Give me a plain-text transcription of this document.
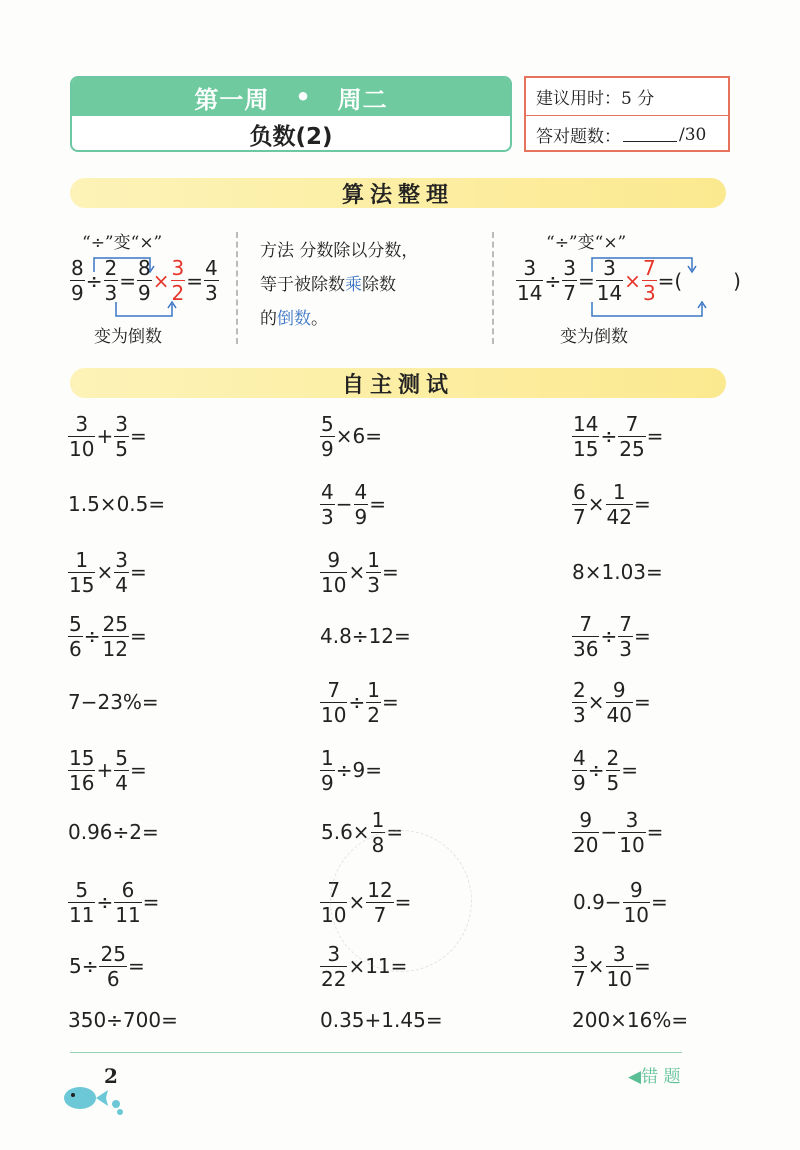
第一周 • 周二
负数(2)
建议用时：5 分
答对题数：	/30
算法整理
“÷”变“×”
8
9
÷
2
3
=
8
9
×
3
2
=
4
3
变为倒数
方法 分数除以分数，
等于被除数乘除数
的倒数。
“÷”变“×”
3
14
÷
3
7
=
3
14
×
7
3
=(        )
变为倒数
自主测试
3
10
+
3
5
=
1.5×0.5=
1
15
×
3
4
=
5
6
÷
25
12
=
7−23%=
15
16
+
5
4
=
0.96÷2=
5
11
÷
6
11
=
5÷
25
6
=
350÷700=
5
9
×6=
4
3
−
4
9
=
9
10
×
1
3
=
4.8÷12=
7
10
÷
1
2
=
1
9
÷9=
5.6×
1
8
=
7
10
×
12
7
=
3
22
×11=
0.35+1.45=
14
15
÷
7
25
=
6
7
×
1
42
=
8×1.03=
7
36
÷
7
3
=
2
3
×
9
40
=
4
9
÷
2
5
=
9
20
−
3
10
=
0.9−
9
10
=
3
7
×
3
10
=
200×16%=
2	◀错 题
